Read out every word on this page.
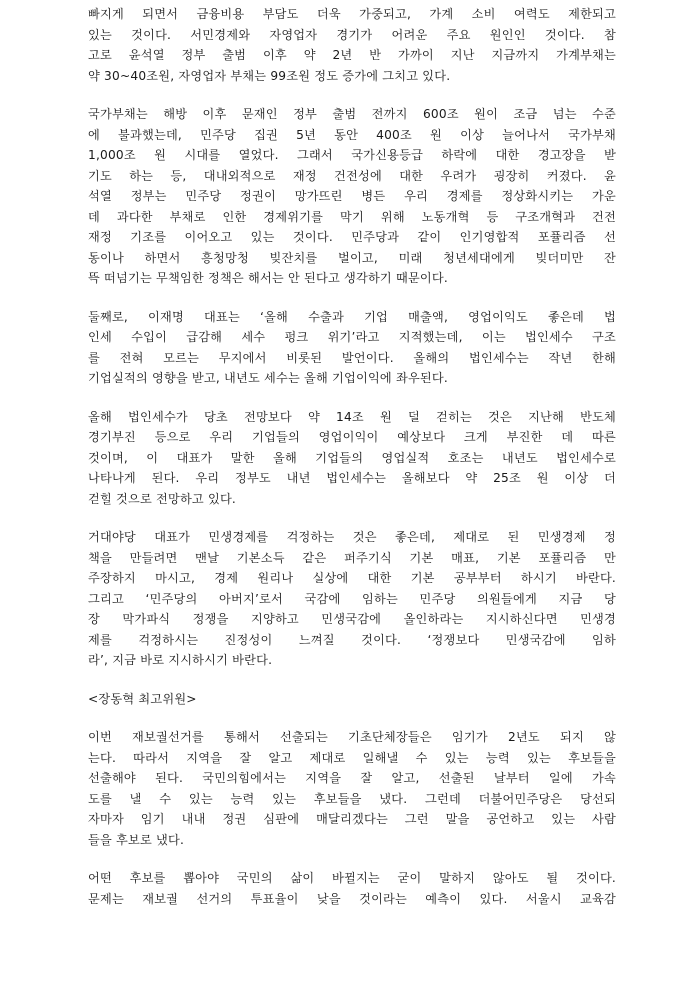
빠지게 되면서 금융비용 부담도 더욱 가중되고, 가계 소비 여력도 제한되고
있는 것이다. 서민경제와 자영업자 경기가 어려운 주요 원인인 것이다. 참
고로 윤석열 정부 출범 이후 약 2년 반 가까이 지난 지금까지 가계부채는
약 30~40조원, 자영업자 부채는 99조원 정도 증가에 그치고 있다.
국가부채는 해방 이후 문재인 정부 출범 전까지 600조 원이 조금 넘는 수준
에 불과했는데, 민주당 집권 5년 동안 400조 원 이상 늘어나서 국가부채
1,000조 원 시대를 열었다. 그래서 국가신용등급 하락에 대한 경고장을 받
기도 하는 등, 대내외적으로 재정 건전성에 대한 우려가 굉장히 커졌다. 윤
석열 정부는 민주당 정권이 망가뜨린 병든 우리 경제를 정상화시키는 가운
데 과다한 부채로 인한 경제위기를 막기 위해 노동개혁 등 구조개혁과 건전
재정 기조를 이어오고 있는 것이다. 민주당과 같이 인기영합적 포퓰리즘 선
동이나 하면서 흥청망청 빚잔치를 벌이고, 미래 청년세대에게 빚더미만 잔
뜩 떠넘기는 무책임한 정책은 해서는 안 된다고 생각하기 때문이다.
둘째로, 이재명 대표는 ‘올해 수출과 기업 매출액, 영업이익도 좋은데 법
인세 수입이 급감해 세수 펑크 위기’라고 지적했는데, 이는 법인세수 구조
를 전혀 모르는 무지에서 비롯된 발언이다. 올해의 법인세수는 작년 한해
기업실적의 영향을 받고, 내년도 세수는 올해 기업이익에 좌우된다.
올해 법인세수가 당초 전망보다 약 14조 원 덜 걷히는 것은 지난해 반도체
경기부진 등으로 우리 기업들의 영업이익이 예상보다 크게 부진한 데 따른
것이며, 이 대표가 말한 올해 기업들의 영업실적 호조는 내년도 법인세수로
나타나게 된다. 우리 정부도 내년 법인세수는 올해보다 약 25조 원 이상 더
걷힐 것으로 전망하고 있다.
거대야당 대표가 민생경제를 걱정하는 것은 좋은데, 제대로 된 민생경제 정
책을 만들려면 맨날 기본소득 같은 퍼주기식 기본 매표, 기본 포퓰리즘 만
주장하지 마시고, 경제 원리나 실상에 대한 기본 공부부터 하시기 바란다.
그리고 ‘민주당의 아버지’로서 국감에 임하는 민주당 의원들에게 지금 당
장 막가파식 정쟁을 지양하고 민생국감에 올인하라는 지시하신다면 민생경
제를 걱정하시는 진정성이 느껴질 것이다. ‘정쟁보다 민생국감에 임하
라’, 지금 바로 지시하시기 바란다.
<장동혁 최고위원>
이번 재보궐선거를 통해서 선출되는 기초단체장들은 임기가 2년도 되지 않
는다. 따라서 지역을 잘 알고 제대로 일해낼 수 있는 능력 있는 후보들을
선출해야 된다. 국민의힘에서는 지역을 잘 알고, 선출된 날부터 일에 가속
도를 낼 수 있는 능력 있는 후보들을 냈다. 그런데 더불어민주당은 당선되
자마자 임기 내내 정권 심판에 매달리겠다는 그런 말을 공언하고 있는 사람
들을 후보로 냈다.
어떤 후보를 뽑아야 국민의 삶이 바뀔지는 굳이 말하지 않아도 될 것이다.
문제는 재보궐 선거의 투표율이 낮을 것이라는 예측이 있다. 서울시 교육감
